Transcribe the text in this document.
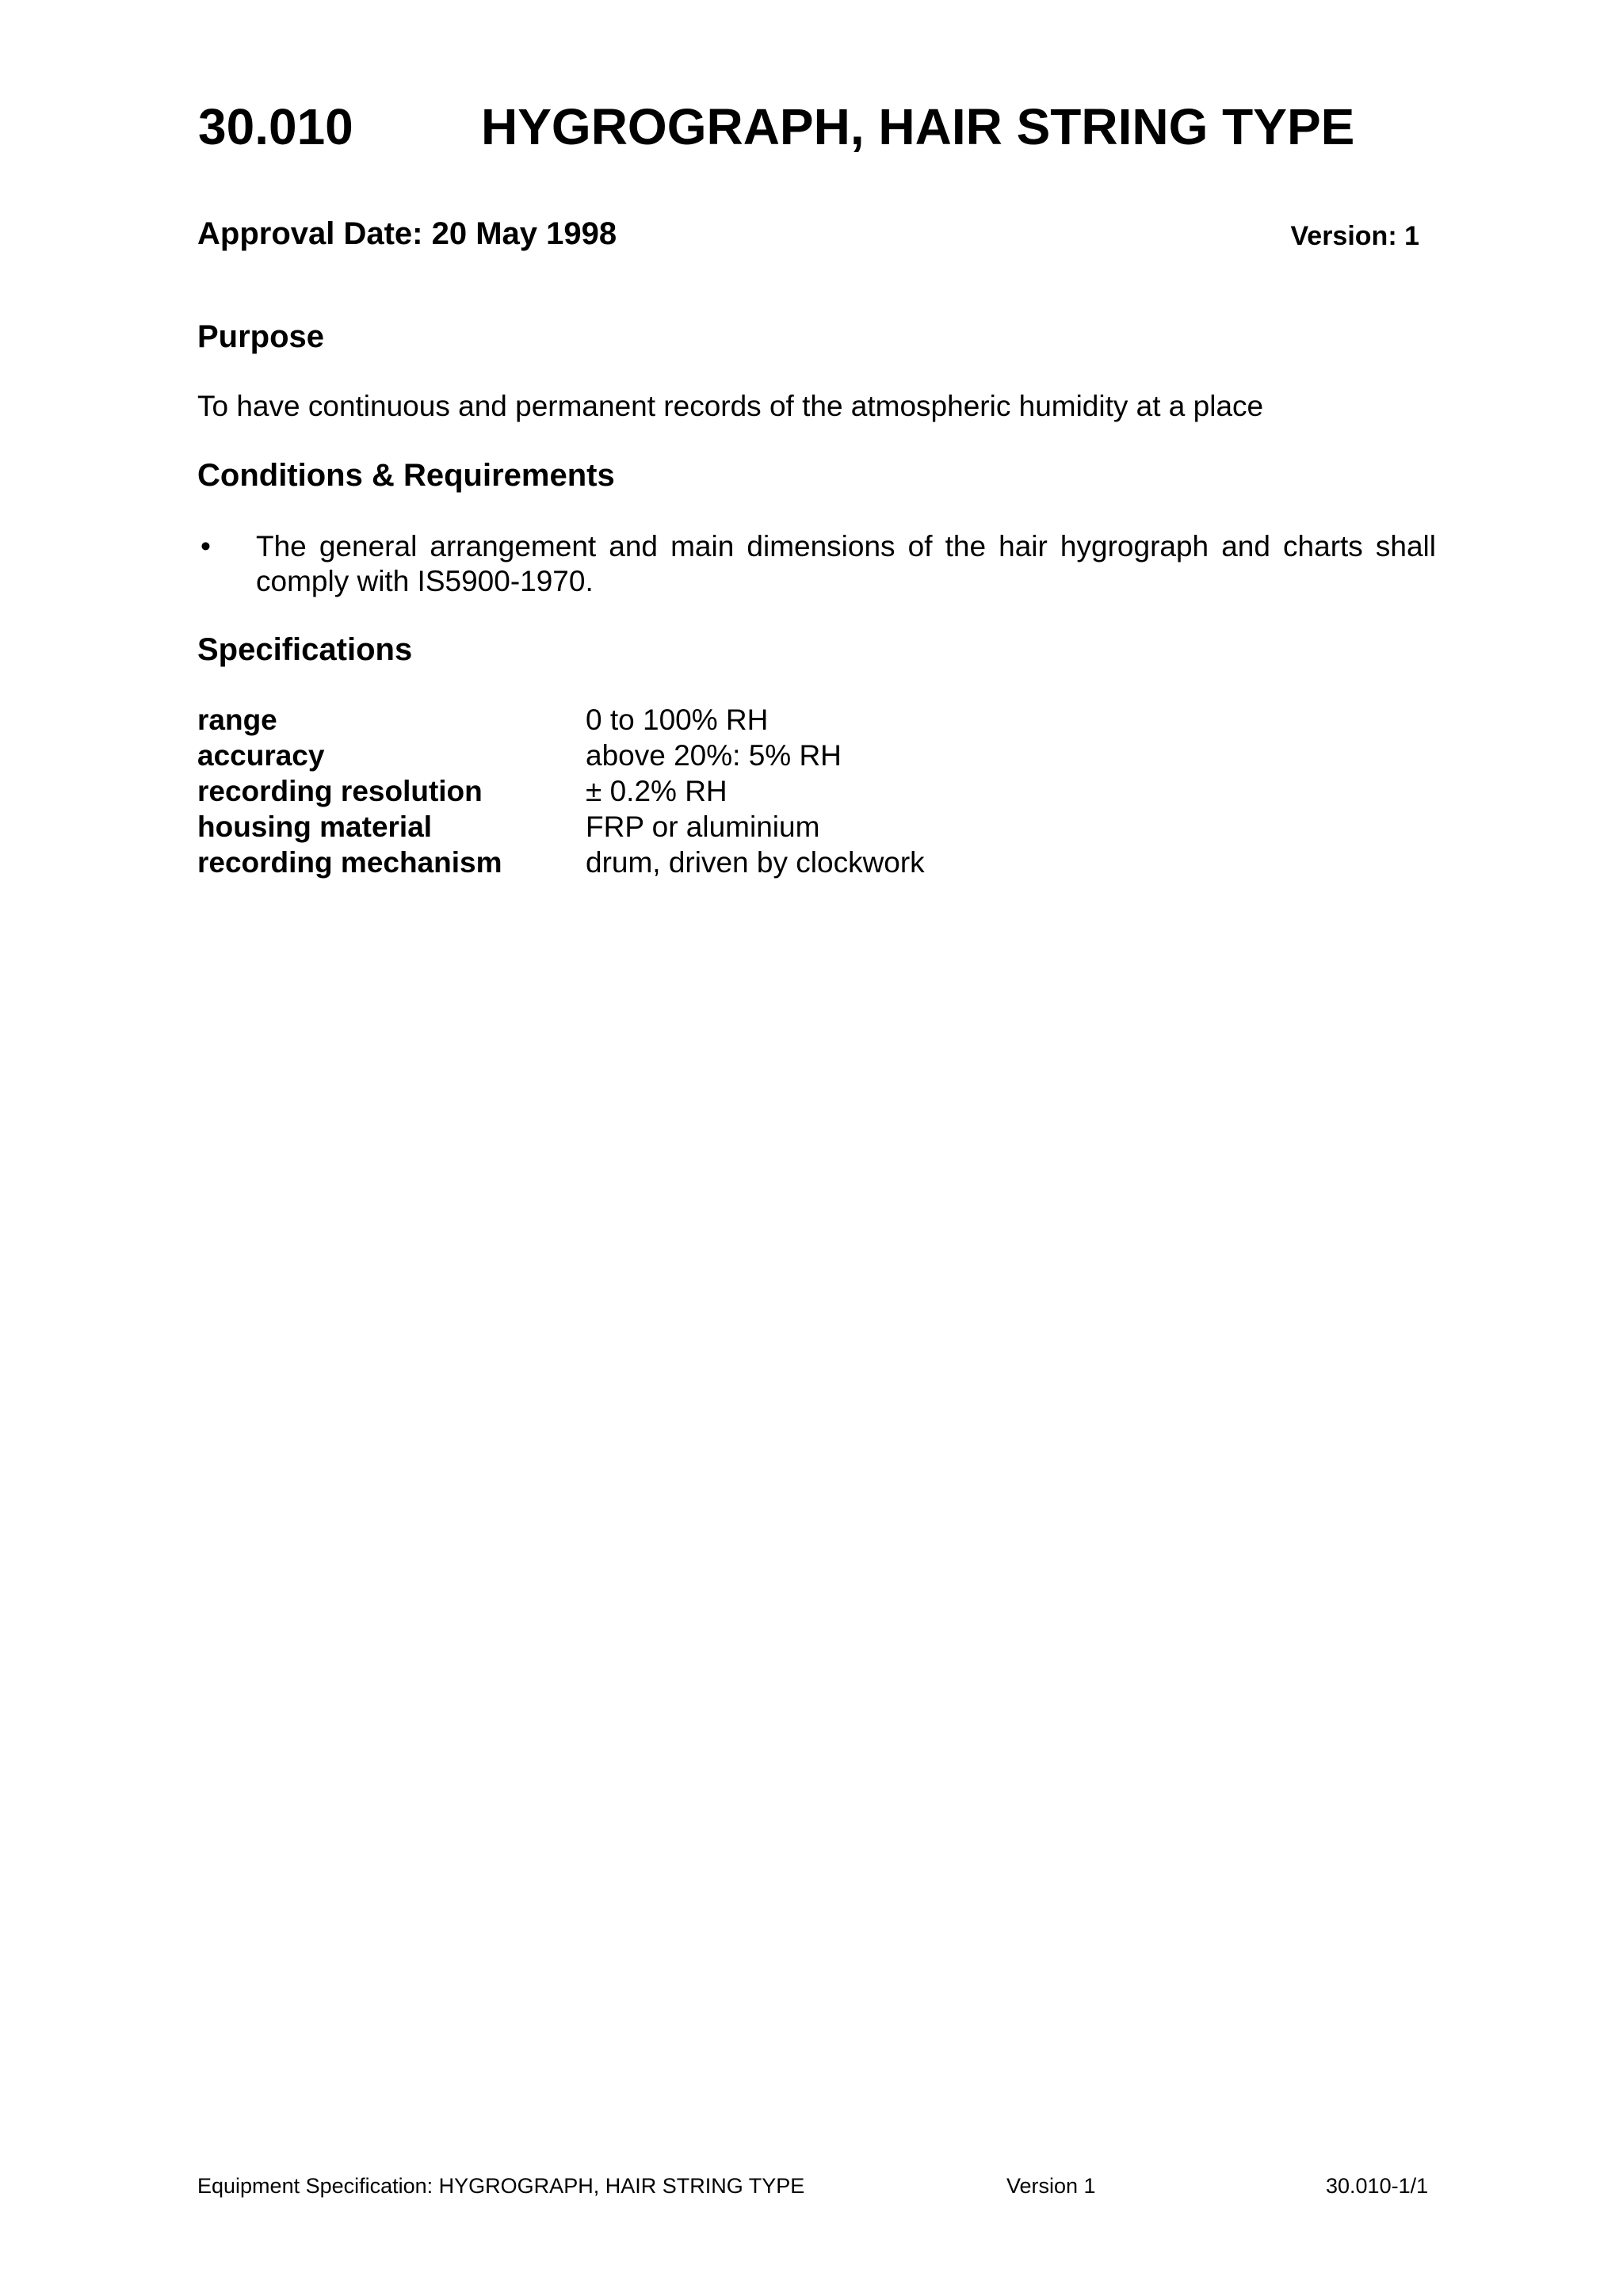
30.010	HYGROGRAPH, HAIR STRING TYPE
Approval Date: 20 May 1998	Version: 1
Purpose
To have continuous and permanent records of the atmospheric humidity at a place
Conditions & Requirements
• The general arrangement and main dimensions of the hair hygrograph and charts shall comply with IS5900-1970.
Specifications
range	0 to 100% RH
accuracy	above 20%: 5% RH
recording resolution	± 0.2% RH
housing material	FRP or aluminium
recording mechanism	drum, driven by clockwork
Equipment Specification: HYGROGRAPH, HAIR STRING TYPE	Version 1	30.010-1/1
